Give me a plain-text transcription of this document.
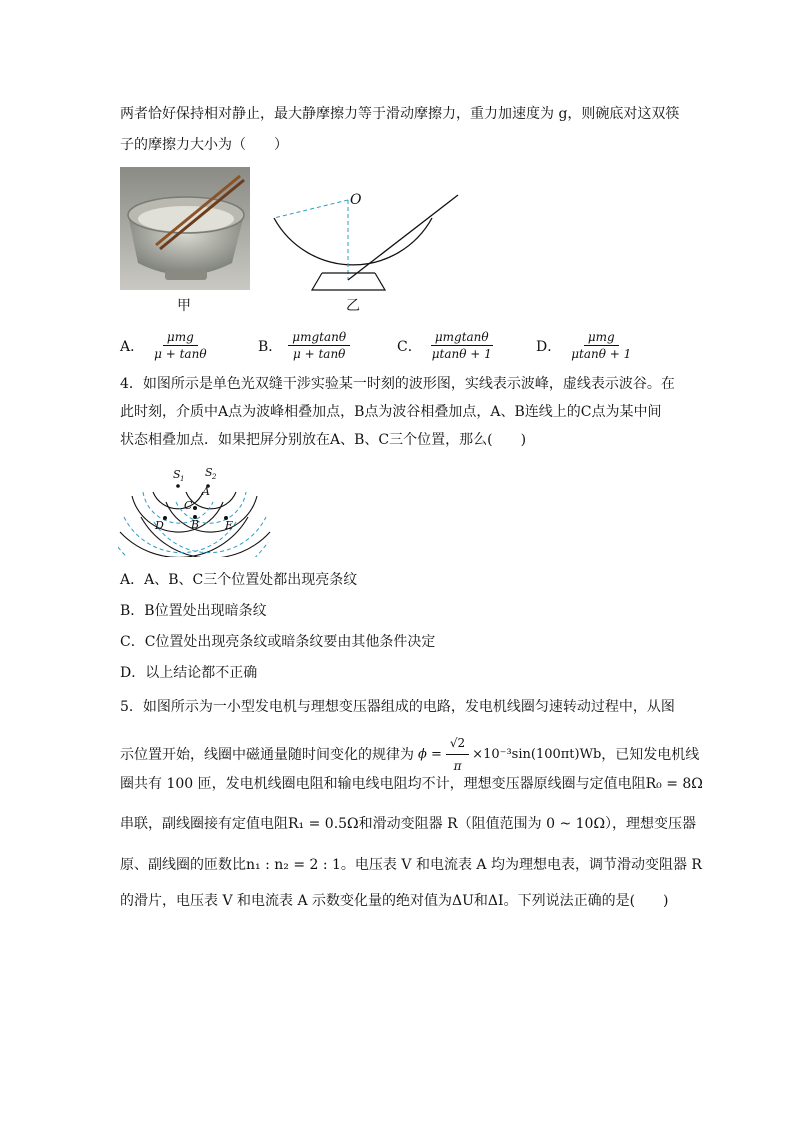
两者恰好保持相对静止，最大静摩擦力等于滑动摩擦力，重力加速度为 g，则碗底对这双筷
子的摩擦力大小为（　　）
甲
O
乙
A． $\frac{\text{μmg}}{\mu + \tan\theta}$	B． $\frac{\text{μmgtanθ}}{\mu + \tan\theta}$	C． $\frac{\text{μmgtanθ}}{\mu\tan\theta + 1}$	D． $\frac{\text{μmg}}{\mu\tan\theta + 1}$
4．如图所示是单色光双缝干涉实验某一时刻的波形图，实线表示波峰，虚线表示波谷。在
此时刻，介质中A点为波峰相叠加点，B点为波谷相叠加点，A、B连线上的C点为某中间
状态相叠加点．如果把屏分别放在A、B、C三个位置，那么(　　)
S 1 S 2
A
C
B
D	E
A．A、B、C三个位置处都出现亮条纹
B．B位置处出现暗条纹
C．C位置处出现亮条纹或暗条纹要由其他条件决定
D．以上结论都不正确
5．如图所示为一小型发电机与理想变压器组成的电路，发电机线圈匀速转动过程中，从图
示位置开始，线圈中磁通量随时间变化的规律为 $\phi = \frac{√2}{\pi} \times 10^{-3}\sin(100\pi t)Wb$ ，已知发电机线
圈共有 100 匝，发电机线圈电阻和输电线电阻均不计，理想变压器原线圈与定值电阻R₀ = 8Ω
串联，副线圈接有定值电阻R₁ = 0.5Ω和滑动变阻器 R（阻值范围为 0 ~ 10Ω），理想变压器
原、副线圈的匝数比n₁ : n₂ = 2 : 1。电压表 V 和电流表 A 均为理想电表，调节滑动变阻器 R
的滑片，电压表 V 和电流表 A 示数变化量的绝对值为ΔU和ΔI。下列说法正确的是(　　)
